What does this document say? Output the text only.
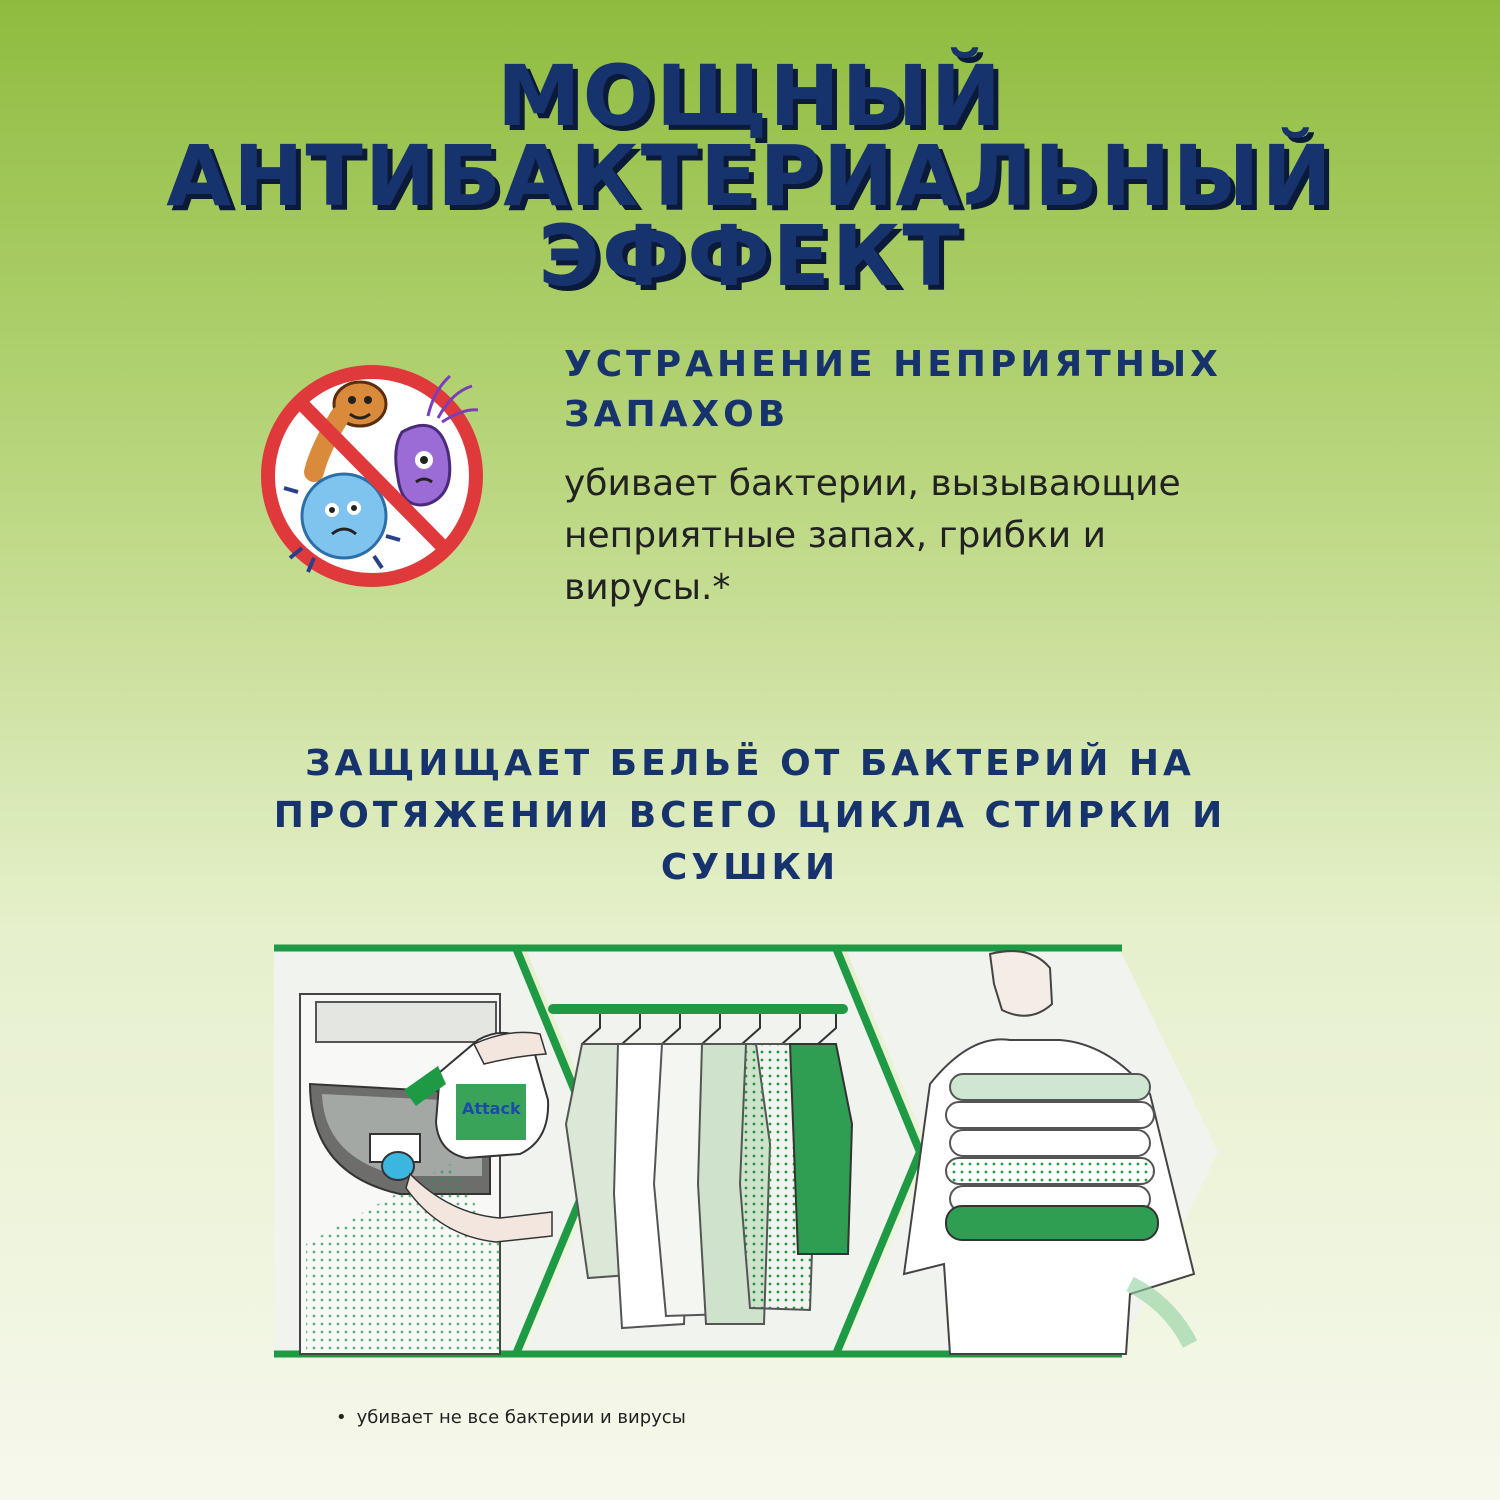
МОЩНЫЙ
АНТИБАКТЕРИАЛЬНЫЙ
ЭФФЕКТ
УСТРАНЕНИЕ НЕПРИЯТНЫХ
ЗАПАХОВ
убивает бактерии, вызывающие
неприятные запах, грибки и
вирусы.*
ЗАЩИЩАЕТ БЕЛЬЁ ОТ БАКТЕРИЙ НА
ПРОТЯЖЕНИИ ВСЕГО ЦИКЛА СТИРКИ И
СУШКИ
Attack
• убивает не все бактерии и вирусы
